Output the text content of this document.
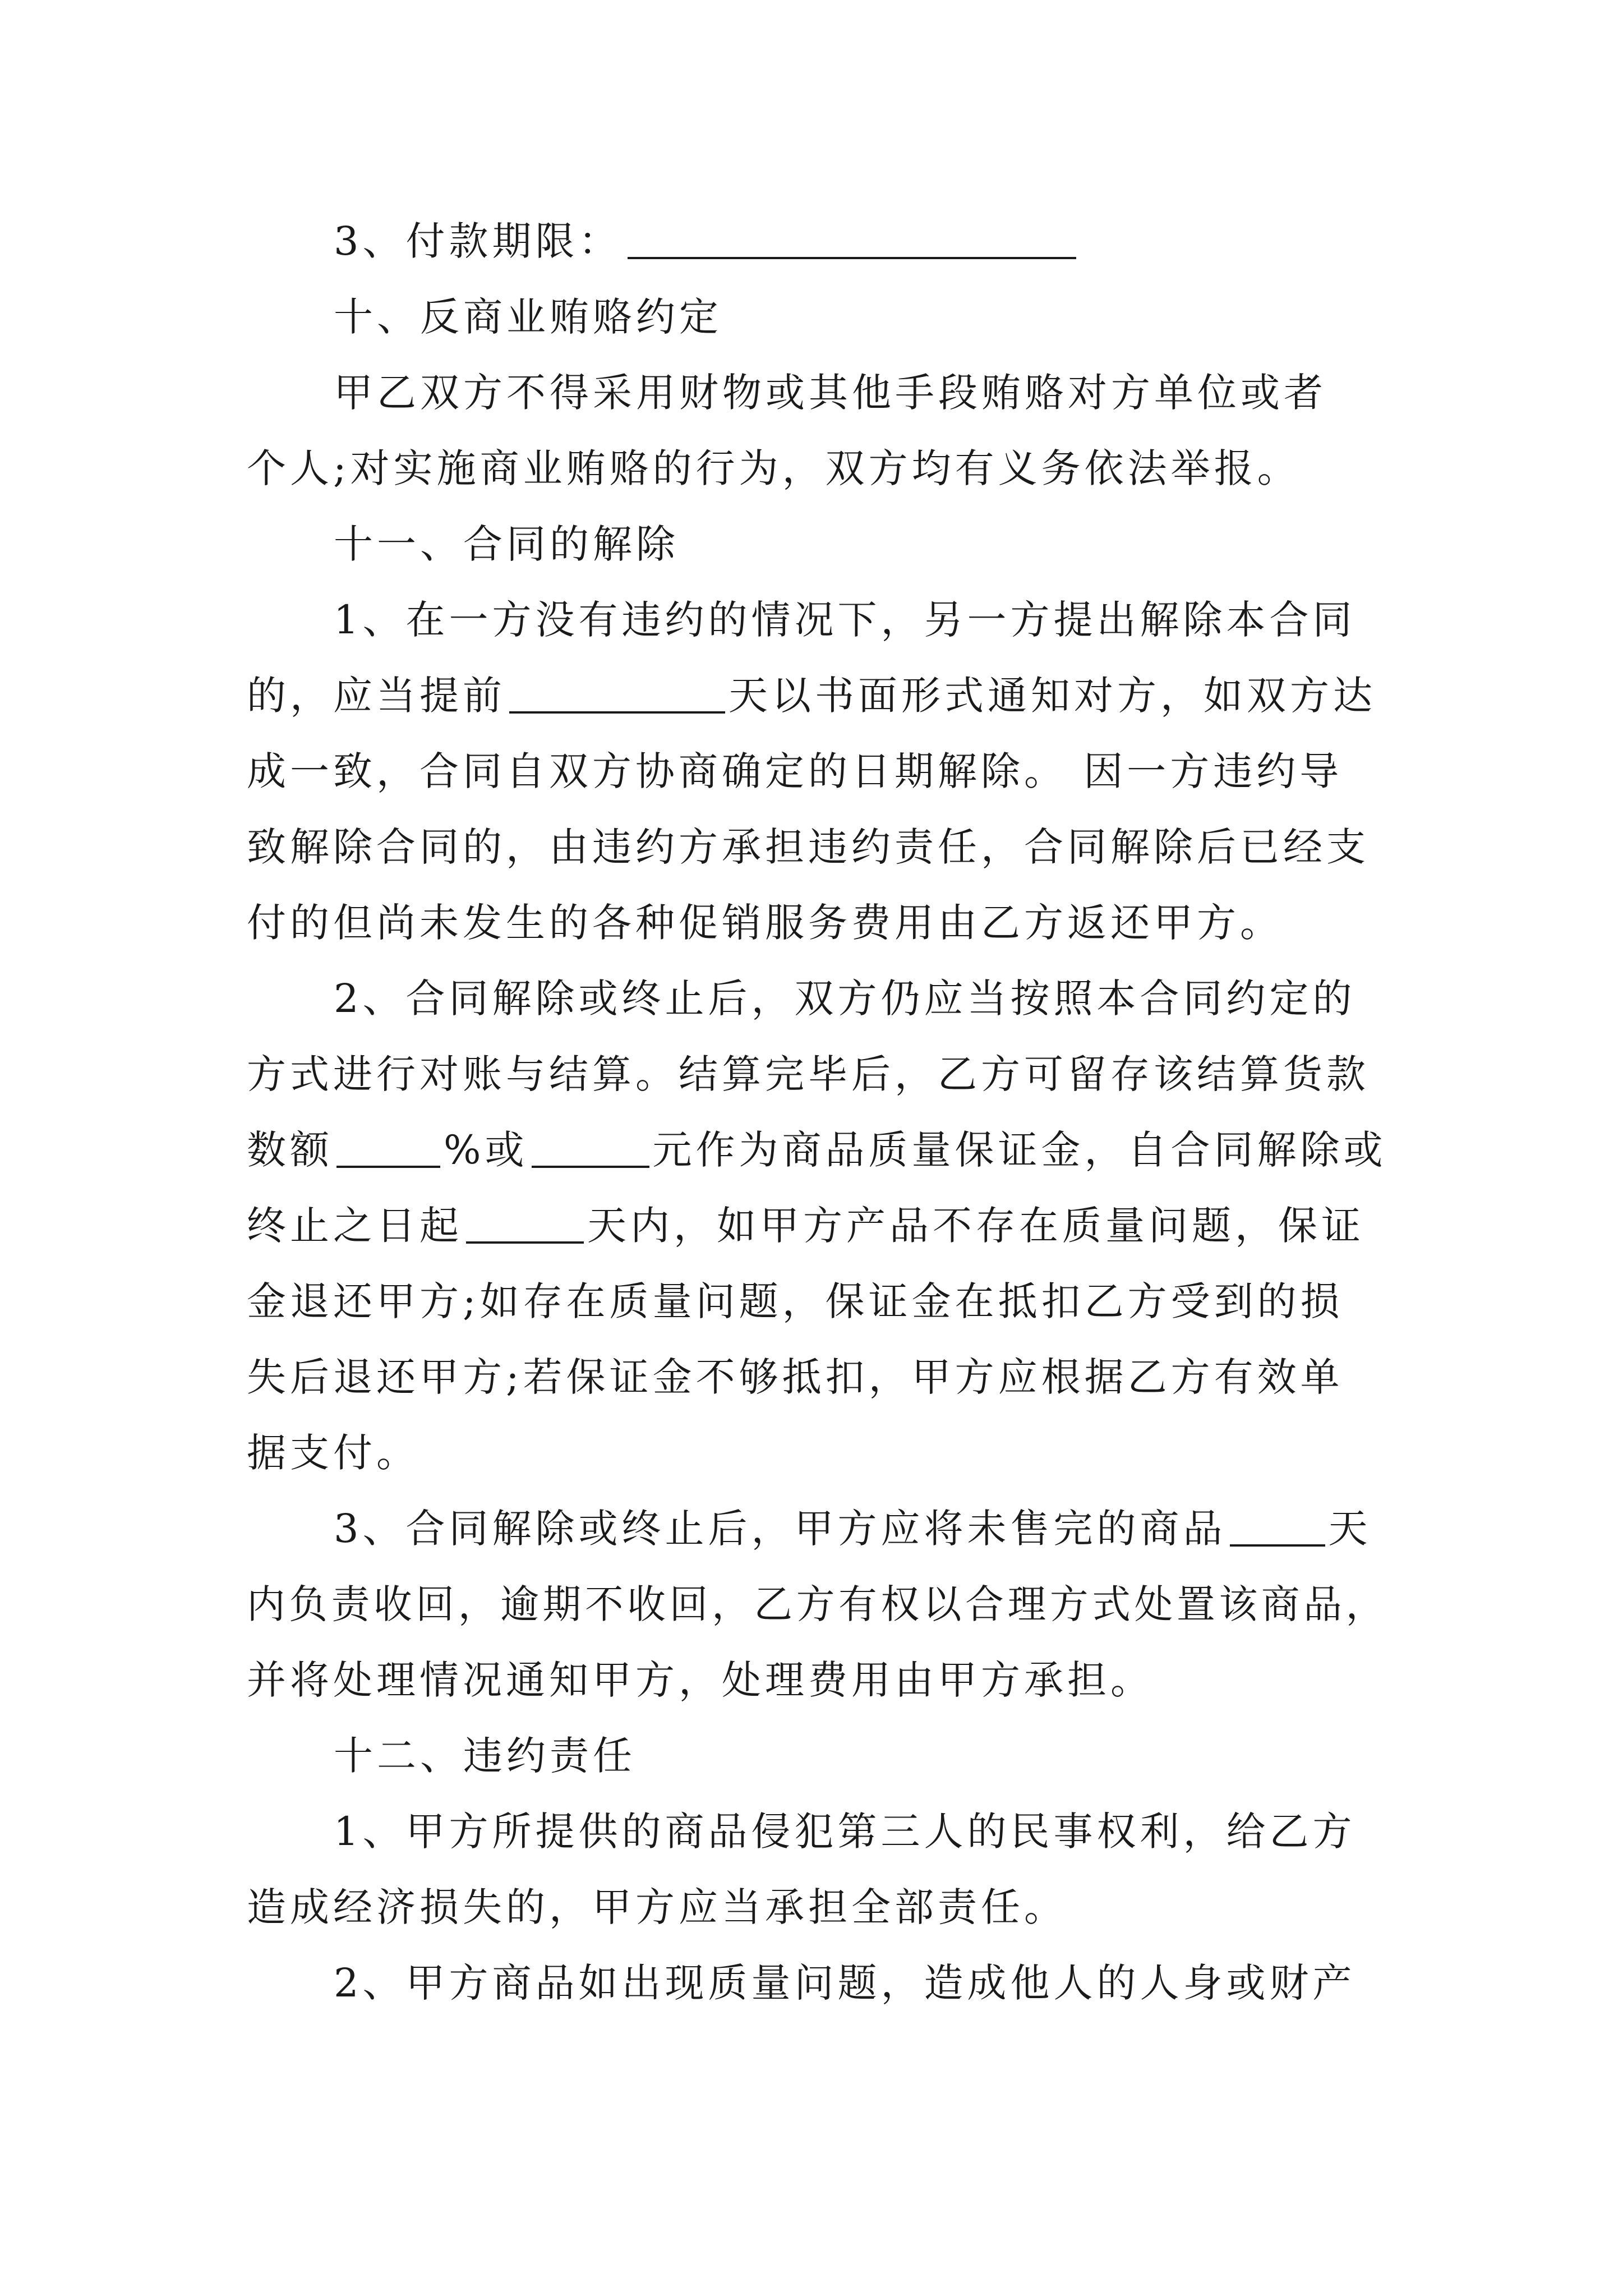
3、付款期限：
十、反商业贿赂约定
甲乙双方不得采用财物或其他手段贿赂对方单位或者
个人;对实施商业贿赂的行为，双方均有义务依法举报。
十一、合同的解除
1、在一方没有违约的情况下，另一方提出解除本合同
的，应当提前	天以书面形式通知对方，如双方达
成一致，合同自双方协商确定的日期解除。 因一方违约导
致解除合同的，由违约方承担违约责任，合同解除后已经支
付的但尚未发生的各种促销服务费用由乙方返还甲方。
2、合同解除或终止后，双方仍应当按照本合同约定的
方式进行对账与结算。结算完毕后，乙方可留存该结算货款
数额	%或	元作为商品质量保证金，自合同解除或
终止之日起	天内，如甲方产品不存在质量问题，保证
金退还甲方;如存在质量问题，保证金在抵扣乙方受到的损
失后退还甲方;若保证金不够抵扣，甲方应根据乙方有效单
据支付。
3、合同解除或终止后，甲方应将未售完的商品	天
内负责收回，逾期不收回，乙方有权以合理方式处置该商品，
并将处理情况通知甲方，处理费用由甲方承担。
十二、违约责任
1、甲方所提供的商品侵犯第三人的民事权利，给乙方
造成经济损失的，甲方应当承担全部责任。
2、甲方商品如出现质量问题，造成他人的人身或财产
